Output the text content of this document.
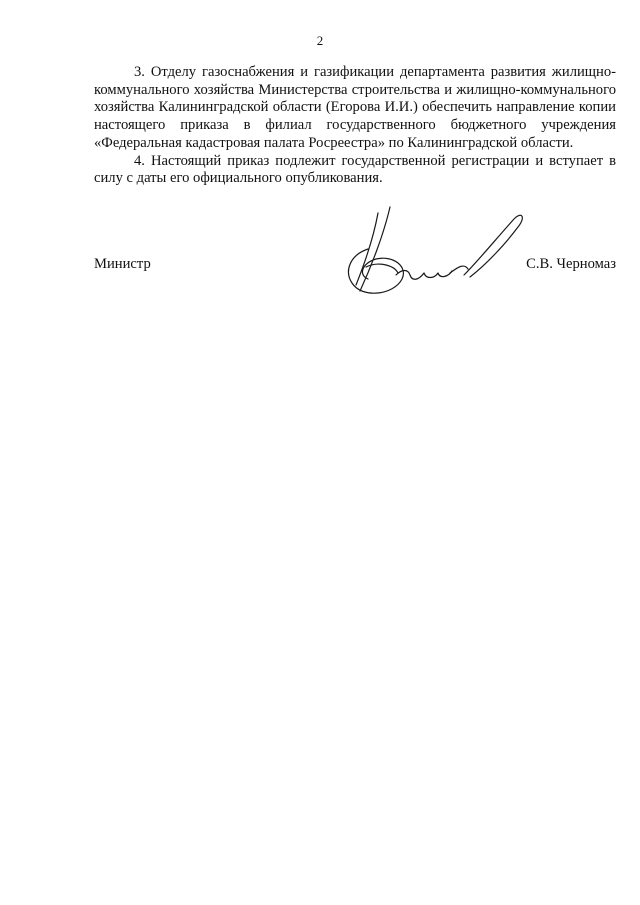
2

3. Отделу газоснабжения и газификации департамента развития жилищно-коммунального хозяйства Министерства строительства и жилищно-коммунального хозяйства Калининградской области (Егорова И.И.) обеспечить направление копии настоящего приказа в филиал государственного бюджетного учреждения «Федеральная кадастровая палата Росреестра» по Калининградской области.

4. Настоящий приказ подлежит государственной регистрации и вступает в силу с даты его официального опубликования.

Министр	С.В. Черномаз
